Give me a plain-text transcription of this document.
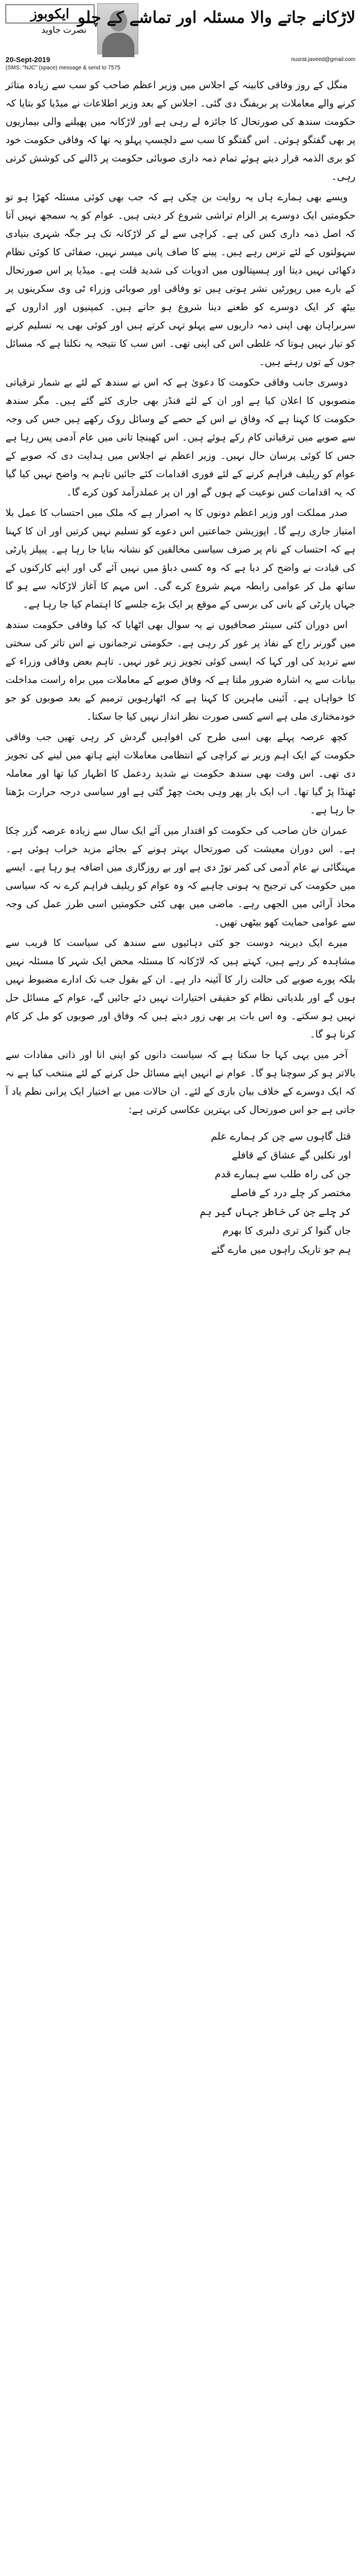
ایکوبوز
نصرت جاوید
لاڑکانے جاتے والا مسئلہ اور تماشے کے چلو
20-Sept-2019	nusrat.javeed@gmail.com
(SMS: "NJC" (space) message & send to 7575

منگل کے روز وفاقی کابینہ کے اجلاس میں وزیر اعظم صاحب کو سب سے زیادہ متاثر کرنے والے معاملات پر بریفنگ دی گئی۔ اجلاس کے بعد وزیر اطلاعات نے میڈیا کو بتایا کہ حکومت سندھ کی صورتحال کا جائزہ لے رہی ہے اور لاڑکانہ میں پھیلنے والی بیماریوں پر بھی گفتگو ہوئی۔ اس گفتگو کا سب سے دلچسپ پہلو یہ تھا کہ وفاقی حکومت خود کو بری الذمہ قرار دیتے ہوئے تمام ذمہ داری صوبائی حکومت پر ڈالنے کی کوشش کرتی رہی۔

ویسے بھی ہمارے ہاں یہ روایت بن چکی ہے کہ جب بھی کوئی مسئلہ کھڑا ہو تو حکومتیں ایک دوسرے پر الزام تراشی شروع کر دیتی ہیں۔ عوام کو یہ سمجھ نہیں آتا کہ اصل ذمہ داری کس کی ہے۔ کراچی سے لے کر لاڑکانہ تک ہر جگہ شہری بنیادی سہولتوں کے لئے ترس رہے ہیں۔ پینے کا صاف پانی میسر نہیں، صفائی کا کوئی نظام دکھائی نہیں دیتا اور ہسپتالوں میں ادویات کی شدید قلت ہے۔ میڈیا پر اس صورتحال کے بارے میں رپورٹیں نشر ہوتی ہیں تو وفاقی اور صوبائی وزراء ٹی وی سکرینوں پر بیٹھ کر ایک دوسرے کو طعنے دینا شروع ہو جاتے ہیں۔ کمپنیوں اور اداروں کے سربراہان بھی اپنی ذمہ داریوں سے پہلو تہی کرتے ہیں اور کوئی بھی یہ تسلیم کرنے کو تیار نہیں ہوتا کہ غلطی اس کی اپنی تھی۔ اس سب کا نتیجہ یہ نکلتا ہے کہ مسائل جوں کے توں رہتے ہیں۔

دوسری جانب وفاقی حکومت کا دعویٰ ہے کہ اس نے سندھ کے لئے بے شمار ترقیاتی منصوبوں کا اعلان کیا ہے اور ان کے لئے فنڈز بھی جاری کئے گئے ہیں۔ مگر سندھ حکومت کا کہنا ہے کہ وفاق نے اس کے حصے کے وسائل روک رکھے ہیں جس کی وجہ سے صوبے میں ترقیاتی کام رکے ہوئے ہیں۔ اس کھینچا تانی میں عام آدمی پس رہا ہے جس کا کوئی پرسان حال نہیں۔ وزیر اعظم نے اجلاس میں ہدایت دی کہ صوبے کے عوام کو ریلیف فراہم کرنے کے لئے فوری اقدامات کئے جائیں تاہم یہ واضح نہیں کیا گیا کہ یہ اقدامات کس نوعیت کے ہوں گے اور ان پر عملدرآمد کون کرے گا۔

صدر مملکت اور وزیر اعظم دونوں کا یہ اصرار ہے کہ ملک میں احتساب کا عمل بلا امتیاز جاری رہے گا۔ اپوزیشن جماعتیں اس دعوے کو تسلیم نہیں کرتیں اور ان کا کہنا ہے کہ احتساب کے نام پر صرف سیاسی مخالفین کو نشانہ بنایا جا رہا ہے۔ پیپلز پارٹی کی قیادت نے واضح کر دیا ہے کہ وہ کسی دباؤ میں نہیں آئے گی اور اپنے کارکنوں کے ساتھ مل کر عوامی رابطہ مہم شروع کرے گی۔ اس مہم کا آغاز لاڑکانہ سے ہو گا جہاں پارٹی کے بانی کی برسی کے موقع پر ایک بڑے جلسے کا اہتمام کیا جا رہا ہے۔

اس دوران کئی سینئر صحافیوں نے یہ سوال بھی اٹھایا کہ کیا وفاقی حکومت سندھ میں گورنر راج کے نفاذ پر غور کر رہی ہے۔ حکومتی ترجمانوں نے اس تاثر کی سختی سے تردید کی اور کہا کہ ایسی کوئی تجویز زیر غور نہیں۔ تاہم بعض وفاقی وزراء کے بیانات سے یہ اشارہ ضرور ملتا ہے کہ وفاق صوبے کے معاملات میں براہ راست مداخلت کا خواہاں ہے۔ آئینی ماہرین کا کہنا ہے کہ اٹھارہویں ترمیم کے بعد صوبوں کو جو خودمختاری ملی ہے اسے کسی صورت نظر انداز نہیں کیا جا سکتا۔

کچھ عرصہ پہلے بھی اسی طرح کی افواہیں گردش کر رہی تھیں جب وفاقی حکومت کے ایک اہم وزیر نے کراچی کے انتظامی معاملات اپنے ہاتھ میں لینے کی تجویز دی تھی۔ اس وقت بھی سندھ حکومت نے شدید ردعمل کا اظہار کیا تھا اور معاملہ ٹھنڈا پڑ گیا تھا۔ اب ایک بار پھر وہی بحث چھڑ گئی ہے اور سیاسی درجہ حرارت بڑھتا جا رہا ہے۔

عمران خان صاحب کی حکومت کو اقتدار میں آئے ایک سال سے زیادہ عرصہ گزر چکا ہے۔ اس دوران معیشت کی صورتحال بہتر ہونے کے بجائے مزید خراب ہوئی ہے۔ مہنگائی نے عام آدمی کی کمر توڑ دی ہے اور بے روزگاری میں اضافہ ہو رہا ہے۔ ایسے میں حکومت کی ترجیح یہ ہونی چاہیے کہ وہ عوام کو ریلیف فراہم کرے نہ کہ سیاسی محاذ آرائی میں الجھی رہے۔ ماضی میں بھی کئی حکومتیں اسی طرز عمل کی وجہ سے عوامی حمایت کھو بیٹھی تھیں۔

میرے ایک دیرینہ دوست جو کئی دہائیوں سے سندھ کی سیاست کا قریب سے مشاہدہ کر رہے ہیں، کہتے ہیں کہ لاڑکانہ کا مسئلہ محض ایک شہر کا مسئلہ نہیں بلکہ پورے صوبے کی حالت زار کا آئینہ دار ہے۔ ان کے بقول جب تک ادارے مضبوط نہیں ہوں گے اور بلدیاتی نظام کو حقیقی اختیارات نہیں دئے جائیں گے، عوام کے مسائل حل نہیں ہو سکتے۔ وہ اس بات پر بھی زور دیتے ہیں کہ وفاق اور صوبوں کو مل کر کام کرنا ہو گا۔

آخر میں یہی کہا جا سکتا ہے کہ سیاست دانوں کو اپنی انا اور ذاتی مفادات سے بالاتر ہو کر سوچنا ہو گا۔ عوام نے انہیں اپنے مسائل حل کرنے کے لئے منتخب کیا ہے نہ کہ ایک دوسرے کے خلاف بیان بازی کے لئے۔ ان حالات میں بے اختیار ایک پرانی نظم یاد آ جاتی ہے جو اس صورتحال کی بہترین عکاسی کرتی ہے:

قتل گاہوں سے چن کر ہمارے علم
اور نکلیں گے عشاق کے قافلے
جن کی راہ طلب سے ہمارے قدم
مختصر کر چلے درد کے فاصلے
کر چلے جن کی خاطر جہاں گیر ہم
جاں گنوا کر تری دلبری کا بھرم
ہم جو تاریک راہوں میں مارے گئے
